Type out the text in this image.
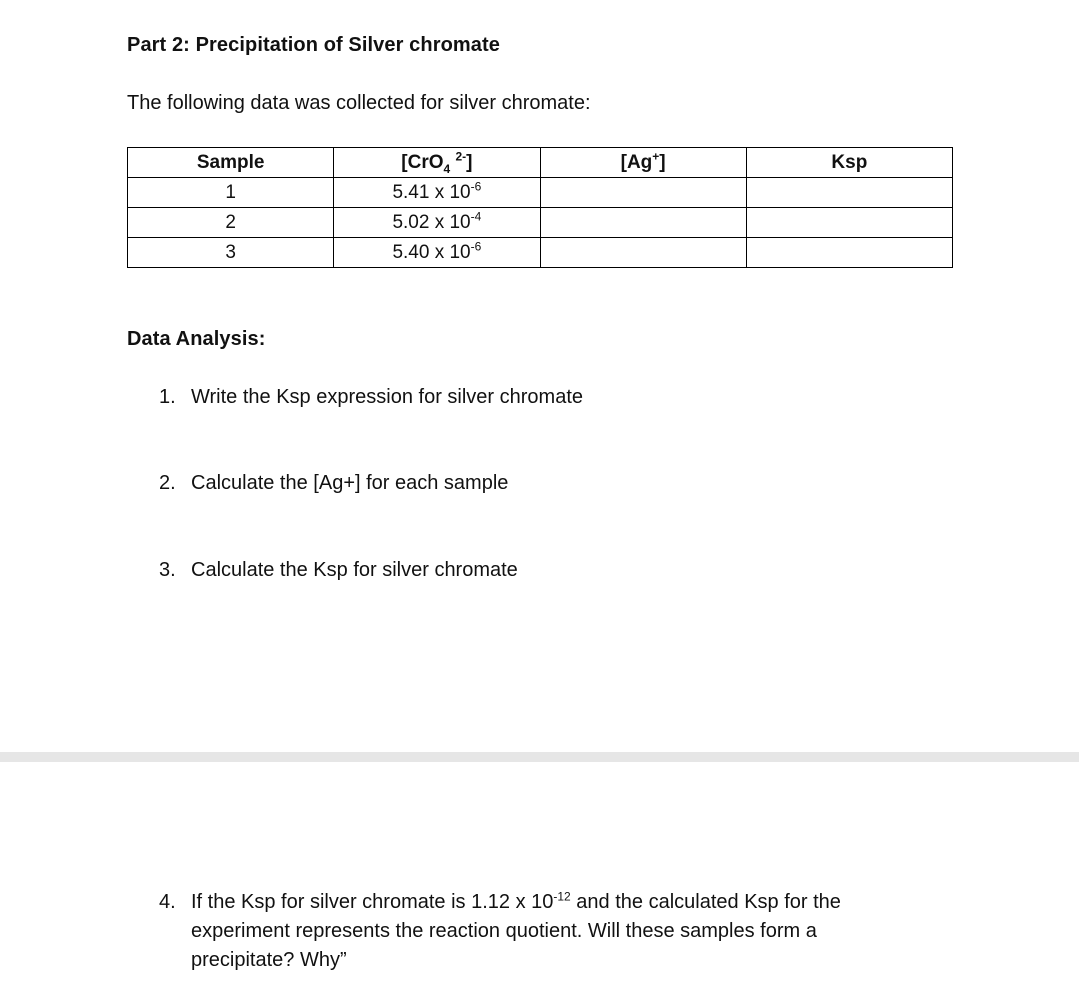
Part 2: Precipitation of Silver chromate
The following data was collected for silver chromate:
Sample	[CrO$_4$ $^{2-}$]	[Ag+]	Ksp
1	5.41 x $10^{-6}$		
2	5.02 x $10^{-4}$		
3	5.40 x $10^{-6}$		
Data Analysis:
1. Write the Ksp expression for silver chromate
2. Calculate the [Ag+] for each sample
3. Calculate the Ksp for silver chromate
4. If the Ksp for silver chromate is 1.12 x $10^{-12}$ and the calculated Ksp for the experiment represents the reaction quotient. Will these samples form a precipitate? Why”
